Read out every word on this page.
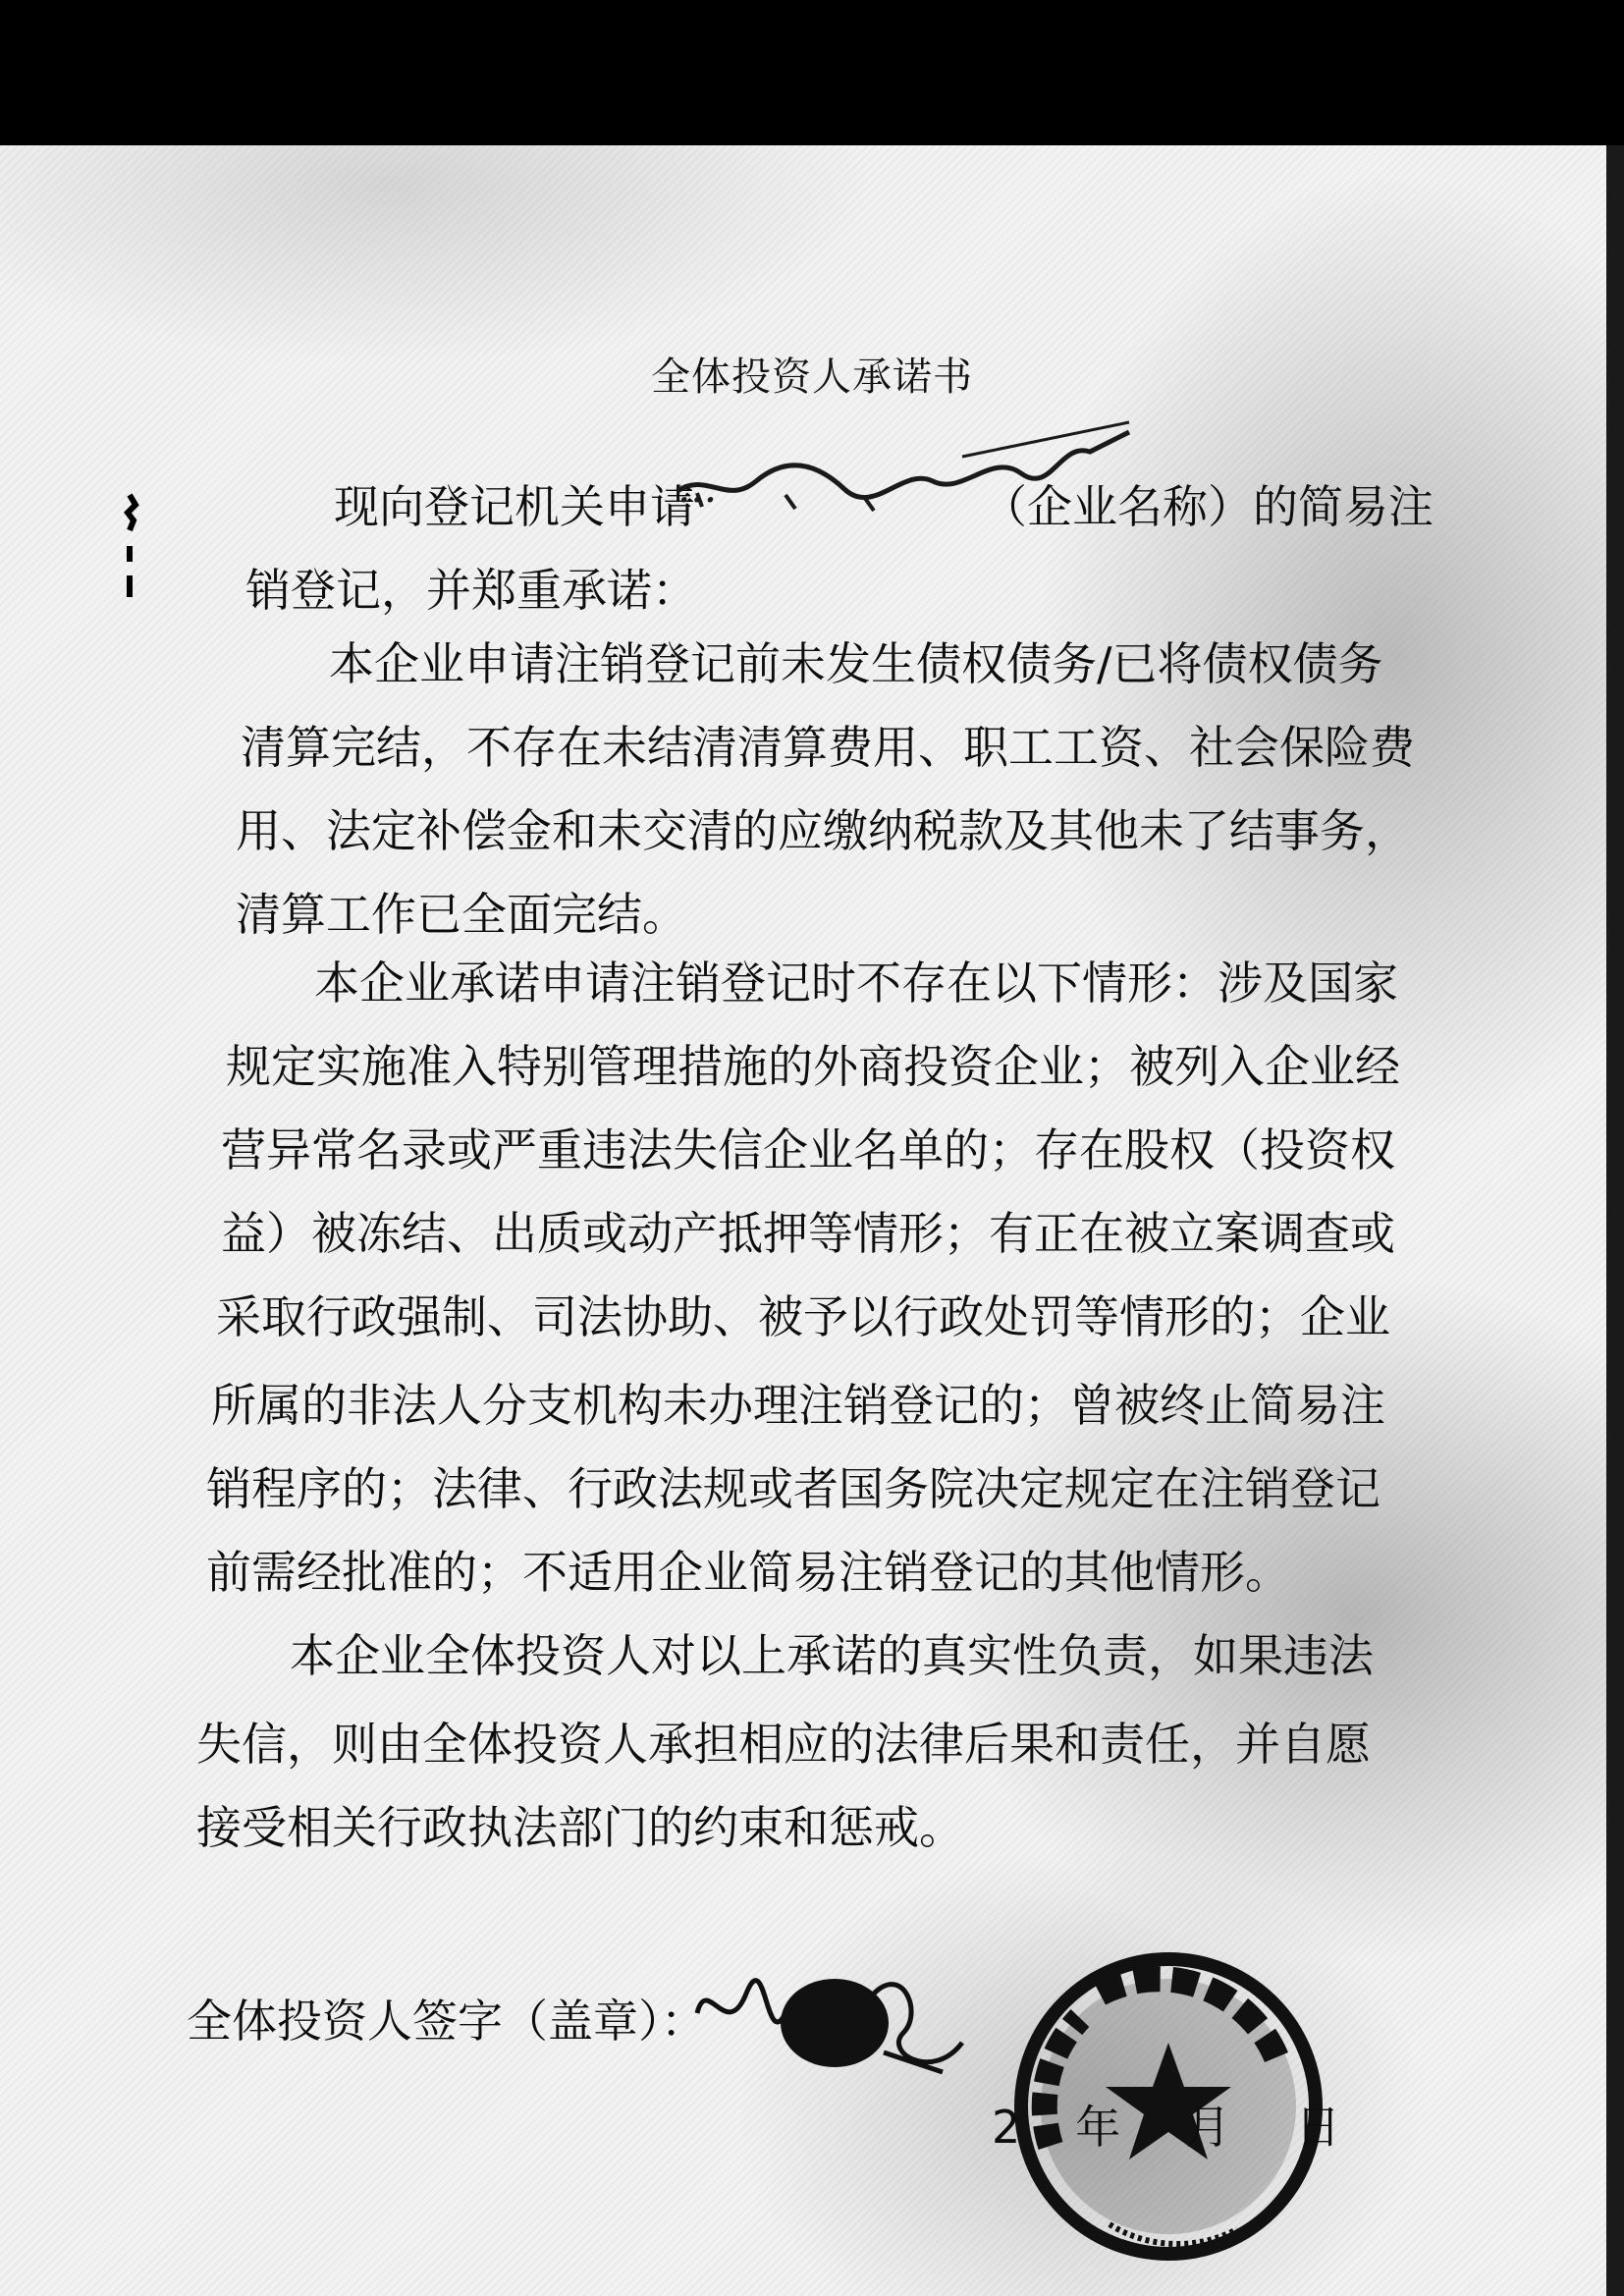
全体投资人承诺书
现向登记机关申请
...	（企业名称）的简易注
销登记，并郑重承诺：
本企业申请注销登记前未发生债权债务/已将债权债务
清算完结，不存在未结清清算费用、职工工资、社会保险费
用、法定补偿金和未交清的应缴纳税款及其他未了结事务，
清算工作已全面完结。
本企业承诺申请注销登记时不存在以下情形：涉及国家
规定实施准入特别管理措施的外商投资企业；被列入企业经
营异常名录或严重违法失信企业名单的；存在股权（投资权
益）被冻结、出质或动产抵押等情形；有正在被立案调查或
采取行政强制、司法协助、被予以行政处罚等情形的；企业
所属的非法人分支机构未办理注销登记的；曾被终止简易注
销程序的；法律、行政法规或者国务院决定规定在注销登记
前需经批准的；不适用企业简易注销登记的其他情形。
本企业全体投资人对以上承诺的真实性负责，如果违法
失信，则由全体投资人承担相应的法律后果和责任，并自愿
接受相关行政执法部门的约束和惩戒。
全体投资人签字（盖章）：
2 年 月 日
